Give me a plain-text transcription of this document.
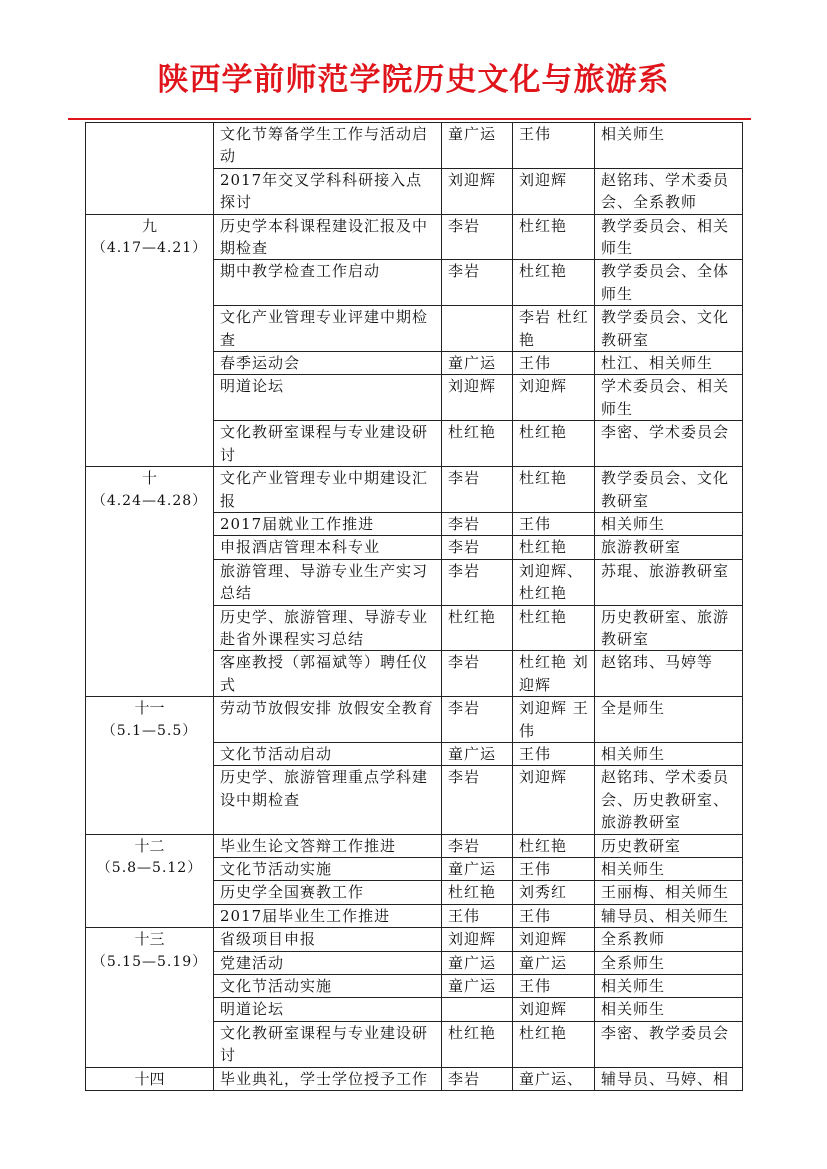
陕西学前师范学院历史文化与旅游系
	文化节筹备学生工作与活动启动	童广运	王伟	相关师生
	2017年交叉学科科研接入点探讨	刘迎辉	刘迎辉	赵铭玮、学术委员会、全系教师

九
（4.17—4.21）	历史学本科课程建设汇报及中期检查	李岩	杜红艳	教学委员会、相关师生
	期中教学检查工作启动	李岩	杜红艳	教学委员会、全体师生
	文化产业管理专业评建中期检查		李岩 杜红艳	教学委员会、文化教研室
	春季运动会	童广运	王伟	杜江、相关师生
	明道论坛	刘迎辉	刘迎辉	学术委员会、相关师生
	文化教研室课程与专业建设研讨	杜红艳	杜红艳	李密、学术委员会

十
（4.24—4.28）	文化产业管理专业中期建设汇报	李岩	杜红艳	教学委员会、文化教研室
	2017届就业工作推进	李岩	王伟	相关师生
	申报酒店管理本科专业	李岩	杜红艳	旅游教研室
	旅游管理、导游专业生产实习总结	李岩	刘迎辉、杜红艳	苏琨、旅游教研室
	历史学、旅游管理、导游专业赴省外课程实习总结	杜红艳	杜红艳	历史教研室、旅游教研室
	客座教授（郭福斌等）聘任仪式	李岩	杜红艳 刘迎辉	赵铭玮、马婷等

十一
（5.1—5.5）	劳动节放假安排 放假安全教育	李岩	刘迎辉 王伟	全是师生
	文化节活动启动	童广运	王伟	相关师生
	历史学、旅游管理重点学科建设中期检查	李岩	刘迎辉	赵铭玮、学术委员会、历史教研室、旅游教研室

十二
（5.8—5.12）	毕业生论文答辩工作推进	李岩	杜红艳	历史教研室
	文化节活动实施	童广运	王伟	相关师生
	历史学全国赛教工作	杜红艳	刘秀红	王丽梅、相关师生
	2017届毕业生工作推进	王伟	王伟	辅导员、相关师生

十三
（5.15—5.19）	省级项目申报	刘迎辉	刘迎辉	全系教师
	党建活动	童广运	童广运	全系师生
	文化节活动实施	童广运	王伟	相关师生
	明道论坛		刘迎辉	相关师生
	文化教研室课程与专业建设研讨	杜红艳	杜红艳	李密、教学委员会

十四	毕业典礼，学士学位授予工作	李岩	童广运、	辅导员、马婷、相
